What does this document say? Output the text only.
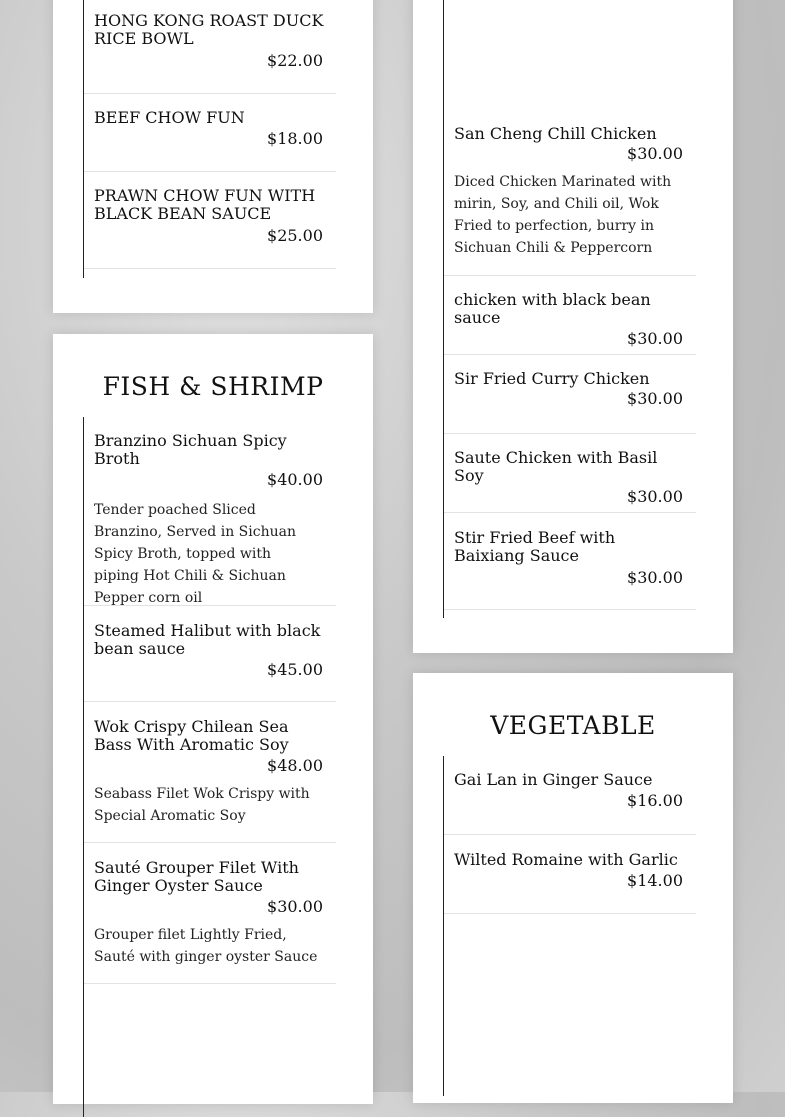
HONG KONG ROAST DUCK RICE BOWL
$22.00
BEEF CHOW FUN
$18.00
PRAWN CHOW FUN WITH BLACK BEAN SAUCE
$25.00
FISH & SHRIMP
Branzino Sichuan Spicy Broth
$40.00
Tender poached Sliced Branzino, Served in Sichuan Spicy Broth, topped with piping Hot Chili & Sichuan Pepper corn oil
Steamed Halibut with black bean sauce
$45.00
Wok Crispy Chilean Sea Bass With Aromatic Soy
$48.00
Seabass Filet Wok Crispy with Special Aromatic Soy
Sauté Grouper Filet With Ginger Oyster Sauce
$30.00
Grouper filet Lightly Fried, Sauté with ginger oyster Sauce
San Cheng Chill Chicken
$30.00
Diced Chicken Marinated with mirin, Soy, and Chili oil, Wok Fried to perfection, burry in Sichuan Chili & Peppercorn
chicken with black bean sauce
$30.00
Sir Fried Curry Chicken
$30.00
Saute Chicken with Basil Soy
$30.00
Stir Fried Beef with Baixiang Sauce
$30.00
VEGETABLE
Gai Lan in Ginger Sauce
$16.00
Wilted Romaine with Garlic
$14.00
